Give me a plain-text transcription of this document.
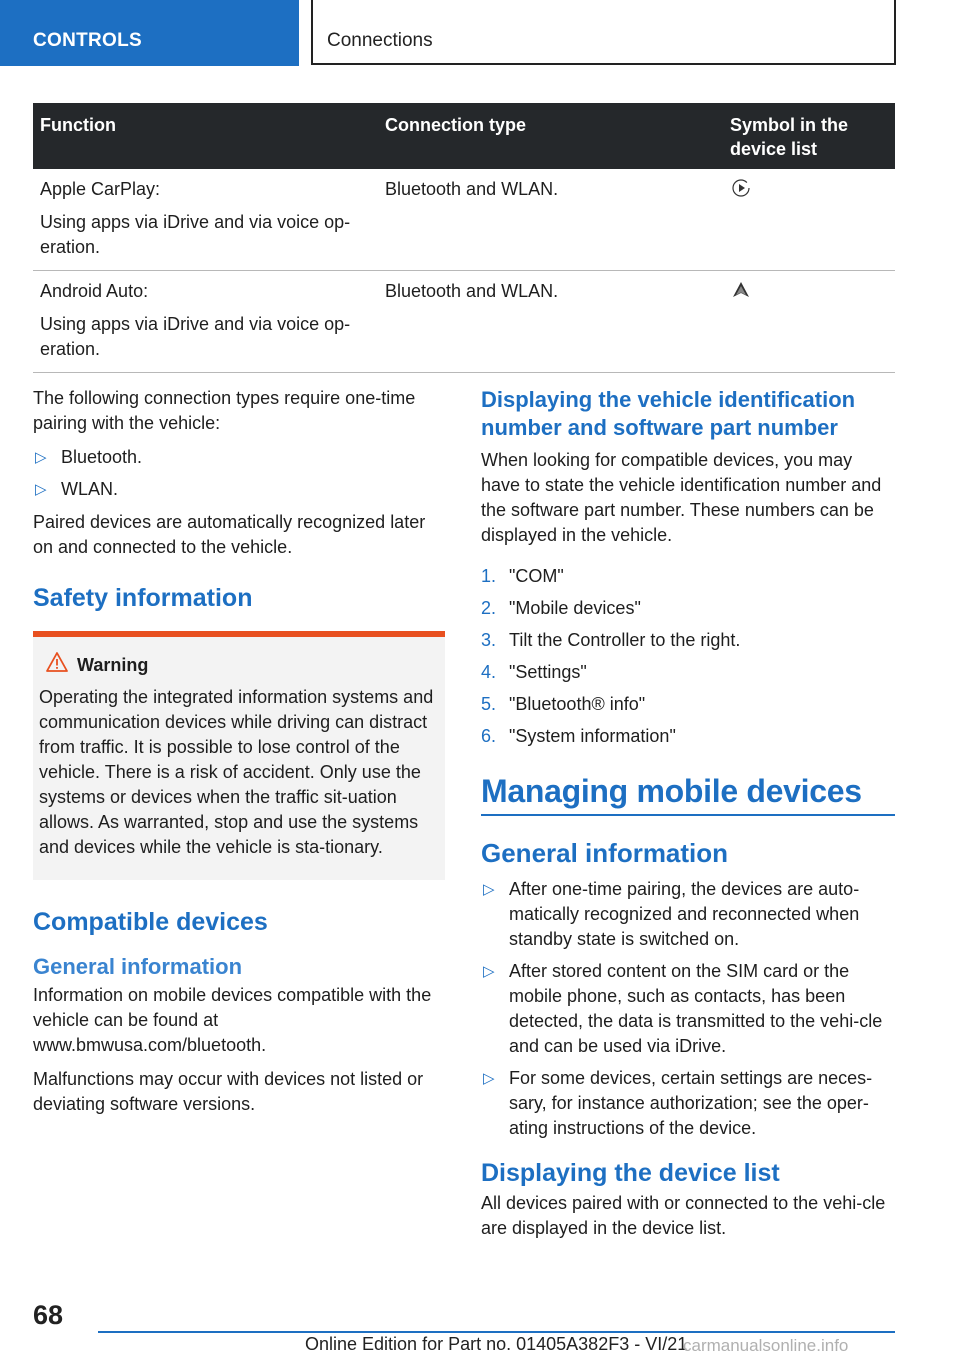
CONTROLS	Connections
Function	Connection type	Symbol in the device list

Apple CarPlay:

Using apps via iDrive and via voice op-eration.	Bluetooth and WLAN.	

Android Auto:

Using apps via iDrive and via voice op-eration.	Bluetooth and WLAN.	

The following connection types require one-time pairing with the vehicle:

▷ Bluetooth.
▷ WLAN.

Paired devices are automatically recognized later on and connected to the vehicle.

Safety information
Warning

Operating the integrated information systems and communication devices while driving can distract from traffic. It is possible to lose control of the vehicle. There is a risk of accident. Only use the systems or devices when the traffic sit-uation allows. As warranted, stop and use the systems and devices while the vehicle is sta-tionary.

Compatible devices
General information

Information on mobile devices compatible with the vehicle can be found at www.bmwusa.com/bluetooth.

Malfunctions may occur with devices not listed or deviating software versions.

Displaying the vehicle identification number and software part number

When looking for compatible devices, you may have to state the vehicle identification number and the software part number. These numbers can be displayed in the vehicle.

1. "COM"
2. "Mobile devices"
3. Tilt the Controller to the right.
4. "Settings"
5. "Bluetooth® info"
6. "System information"
Managing mobile devices
General information
▷ After one-time pairing, the devices are auto-matically recognized and reconnected when standby state is switched on.
▷ After stored content on the SIM card or the mobile phone, such as contacts, has been detected, the data is transmitted to the vehi-cle and can be used via iDrive.
▷ For some devices, certain settings are neces-sary, for instance authorization; see the oper-ating instructions of the device.
Displaying the device list

All devices paired with or connected to the vehi-cle are displayed in the device list.

68
Online Edition for Part no. 01405A382F3 - VI/21
carmanualsonline.info
